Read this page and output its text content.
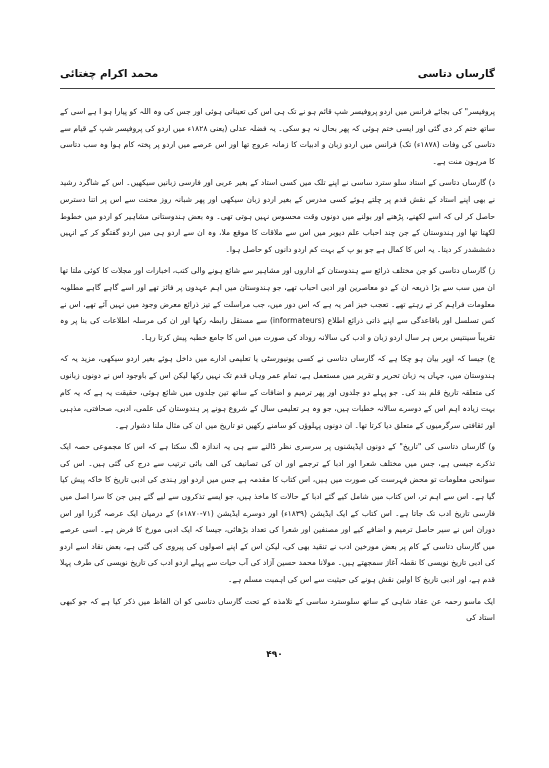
محمد اکرام چغتائی	گارساں دتاسی

پروفیسر" کی بجائے فرانس میں اردو پروفیسر شپ قائم ہو نے تک ہی اس کی تعیناتی ہوئی اور جس کی وہ اللہ کو پیارا ہو ا ہے اسی کے ساتھ ختم کر دی گئی اور ایسی ختم ہوئی کہ پھر بحال نہ ہو سکی۔ یہ فضلہ عدلی (یعنی ۱۸۲۸ء میں اردو کی پروفیسر شپ کے قیام سے دتاسی کی وفات (۱۸۷۸ء) تک) فرانس میں اردو زبان و ادبیات کا زمانہ عروج تھا اور اس عرصے میں اردو پر پختہ کام ہوا وہ سب دتاسی کا مرہون منت ہے۔

د) گارساں دتاسی کے استاد سلو سترد ساسی نے اپنے تلک میں کسی استاد کے بغیر عربی اور فارسی زبانیں سیکھیں۔ اس کے شاگرد رشید نے بھی اپنے استاد کے نقش قدم پر چلتے ہوئے کسی مدرس کے بغیر اردو زبان سیکھی اور پھر شبانہ روز محنت سے اس پر اتنا دسترس حاصل کر لی کہ اسے لکھنے، پڑھنے اور بولنے میں دونوں وقت محسوس نہیں ہوتی تھی۔ وہ بعض ہندوستانی مشاہیر کو اردو میں خطوط لکھتا تھا اور ہندوستان کے جن چند احباب علم دیوبر میں اس سے ملاقات کا موقع ملا، وہ ان سے اردو ہی میں اردو گفتگو کر کے انہیں دشششدر کر دیتا۔ یہ اس کا کمال ہے جو بو پ کے بہت کم اردو دانوں کو حاصل ہوا۔

ز) گارساں دتاسی کو جن مختلف ذرائع سے ہندوستان کے اداروں اور مشاہیر سے شائع ہونے والی کتب، اخبارات اور مجلات کا کوئی ملتا تھا ان میں سب سے بڑا ذریعہ ان کے دو معاصرین اور ادبی احباب تھے، جو ہندوستان میں اہم عہدوں پر فائز تھے اور اسے گاہے گاہے مطلوبہ معلومات فراہم کر تے رہتے تھے۔ تعجب خیز امر یہ ہے کہ اس دور میں، جب مراسلت کے تیز ذرائع معرض وجود میں نہیں آئے تھے، اس نے کس تسلسل اور باقاعدگی سے اپنے ذاتی ذرائع اطلاع (informateurs) سے مستقل رابطہ رکھا اور ان کی مرسلہ اطلاعات کی بنا پر وہ تقریباً سینتیس برس ہر سال اردو زبان و ادب کی سالانہ روداد کی صورت میں اس کا جامع خطبہ پیش کرتا رہا۔

ع) جیسا کہ اوپر بیان ہو چکا ہے کہ گارساں دتاسی نے کسی یونیورسٹی یا تعلیمی ادارے میں داخل ہوئے بغیر اردو سیکھی، مزید یہ کہ ہندوستان میں، جہاں یہ زبان تحریر و تقریر میں مستعمل ہے، تمام عمر وہاں قدم تک نہیں رکھا لیکن اس کے باوجود اس نے دونوں زبانوں کی متعلقہ تاریخ قلم بند کی۔ جو پہلے دو جلدوں اور پھر ترمیم و اضافات کے ساتھ تین جلدوں میں شائع ہوئی، حقیقت یہ ہے کہ یہ کام بہت زیادہ اہم اس کے دوسرے سالانہ خطبات ہیں، جو وہ ہر تعلیمی سال کے شروع ہونے پر ہندوستان کی علمی، ادبی، صحافتی، مذہبی اور ثقافتی سرگرمیوں کے متعلق دیا کرتا تھا۔ ان دونوں پہلوؤں کو سامنے رکھیں تو تاریخ میں ان کی مثال ملنا دشوار ہے۔

و) گارساں دتاسی کی "تاریخ" کے دونوں ایڈیشنوں پر سرسری نظر ڈالنے سے ہی یہ اندازہ لگ سکتا ہے کہ اس کا مجموعی حصہ ایک تذکرے جیسی ہے، جس میں مختلف شعرا اور ادبا کے ترجمے اور ان کی تصانیف کی الف بائی ترتیب سے درج کی گئی ہیں۔ اس کی سوانحی معلومات تو محض فہرست کی صورت میں ہیں، اس کتاب کا مقدمہ ہے جس میں اردو اور ہندی کی ادبی تاریخ کا خاکہ پیش کیا گیا ہے۔ اس سے اہم تر، اس کتاب میں شامل کیے گئے ادبا کے حالات کا ماخذ ہیں، جو ایسے تذکروں سے لیے گئے ہیں جن کا سرا اصل میں فارسی تاریخ ادب تک جاتا ہے۔ اس کتاب کے ایک ایڈیشن (۱۸۳۹ء) اور دوسرے ایڈیشن (۷۱-۱۸۷۰ء) کے درمیان ایک عرصہ گزرا اور اس دوران اس نے سیر حاصل ترمیم و اضافے کیے اور مصنفین اور شعرا کی تعداد بڑھائی، جیسا کہ ایک ادبی مورخ کا فرض ہے۔ اسی عرصے میں گارساں دتاسی کے کام پر بعض مورخین ادب نے تنقید بھی کی، لیکن اس کے اپنے اصولوں کی پیروی کی گئی ہے، بعض نقاد اسے اردو کی ادبی تاریخ نویسی کا نقطہ آغاز سمجھتے ہیں۔ مولانا محمد حسین آزاد کی آب حیات سے پہلے اردو ادب کی تاریخ نویسی کی طرف پہلا قدم ہے، اور ادبی تاریخ کا اولین نقش ہونے کی حیثیت سے اس کی اہمیت مسلم ہے۔

ایک ماسو رحمہ عن عقاد شاہی کے ساتھ سلوسترد ساسی کے تلامذہ کے تحت گارساں دتاسی کو ان الفاظ میں ذکر کیا ہے کہ جو کبھی استاد کی

۴۹۰
